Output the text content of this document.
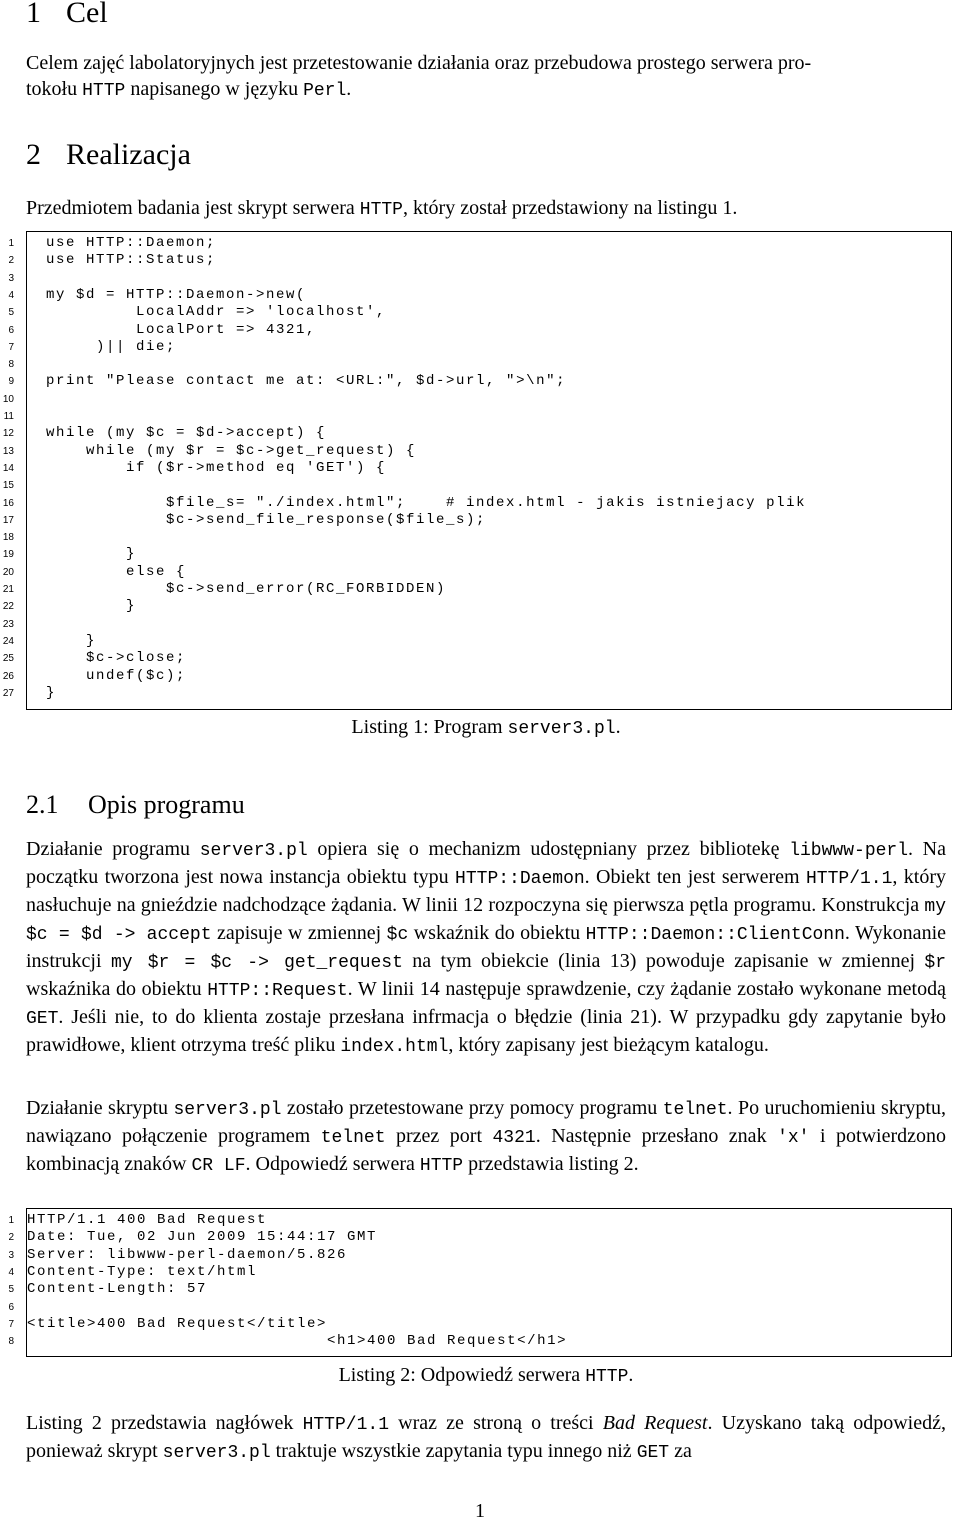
1 Cel
Celem zajęć labolatoryjnych jest przetestowanie działania oraz przebudowa prostego serwera pro-
tokołu HTTP napisanego w języku Perl.
2 Realizacja
Przedmiotem badania jest skrypt serwera HTTP, który został przedstawiony na listingu 1.
1 use HTTP::Daemon;
2 use HTTP::Status;
3
4 my $d = HTTP::Daemon->new(
5 LocalAddr => 'localhost',
6 LocalPort => 4321,
7 )|| die;
8
9 print "Please contact me at: <URL:", $d->url, ">\n";
10
11
12 while (my $c = $d->accept) {
13 while (my $r = $c->get_request) {
14 if ($r->method eq 'GET') {
15
16 $file_s= "./index.html";    # index.html - jakis istniejacy plik
17 $c->send_file_response($file_s);
18
19 }
20 else {
21 $c->send_error(RC_FORBIDDEN)
22 }
23
24 }
25 $c->close;
26 undef($c);
27 }
Listing 1: Program server3.pl.
2.1 Opis programu
Działanie programu server3.pl opiera się o mechanizm udostępniany przez bibliotekę libwww-perl. Na początku tworzona jest nowa instancja obiektu typu HTTP::Daemon. Obiekt ten jest serwerem HTTP/1.1, który nasłuchuje na gnieździe nadchodzące żądania. W linii 12 rozpoczyna się pierwsza pętla programu. Konstrukcja my $c = $d -> accept zapisuje w zmiennej $c wskaźnik do obiektu HTTP::Daemon::ClientConn. Wykonanie instrukcji my $r = $c -> get_request na tym obiekcie (linia 13) powoduje zapisanie w zmiennej $r wskaźnika do obiektu HTTP::Request. W linii 14 następuje sprawdzenie, czy żądanie zostało wykonane metodą GET. Jeśli nie, to do klienta zostaje przesłana infrmacja o błędzie (linia 21). W przypadku gdy zapytanie było prawidłowe, klient otrzyma treść pliku index.html, który zapisany jest bieżącym katalogu.
Działanie skryptu server3.pl zostało przetestowane przy pomocy programu telnet. Po uruchomieniu skryptu, nawiązano połączenie programem telnet przez port 4321. Następnie przesłano znak 'x' i potwierdzono kombinacją znaków CR LF. Odpowiedź serwera HTTP przedstawia listing 2.
1 HTTP/1.1 400 Bad Request
2 Date: Tue, 02 Jun 2009 15:44:17 GMT
3 Server: libwww-perl-daemon/5.826
4 Content-Type: text/html
5 Content-Length: 57
6
7 <title>400 Bad Request</title>
8 <h1>400 Bad Request</h1>
Listing 2: Odpowiedź serwera HTTP.
Listing 2 przedstawia nagłówek HTTP/1.1 wraz ze stroną o treści Bad Request. Uzyskano taką odpowiedź, ponieważ skrypt server3.pl traktuje wszystkie zapytania typu innego niż GET za
1
